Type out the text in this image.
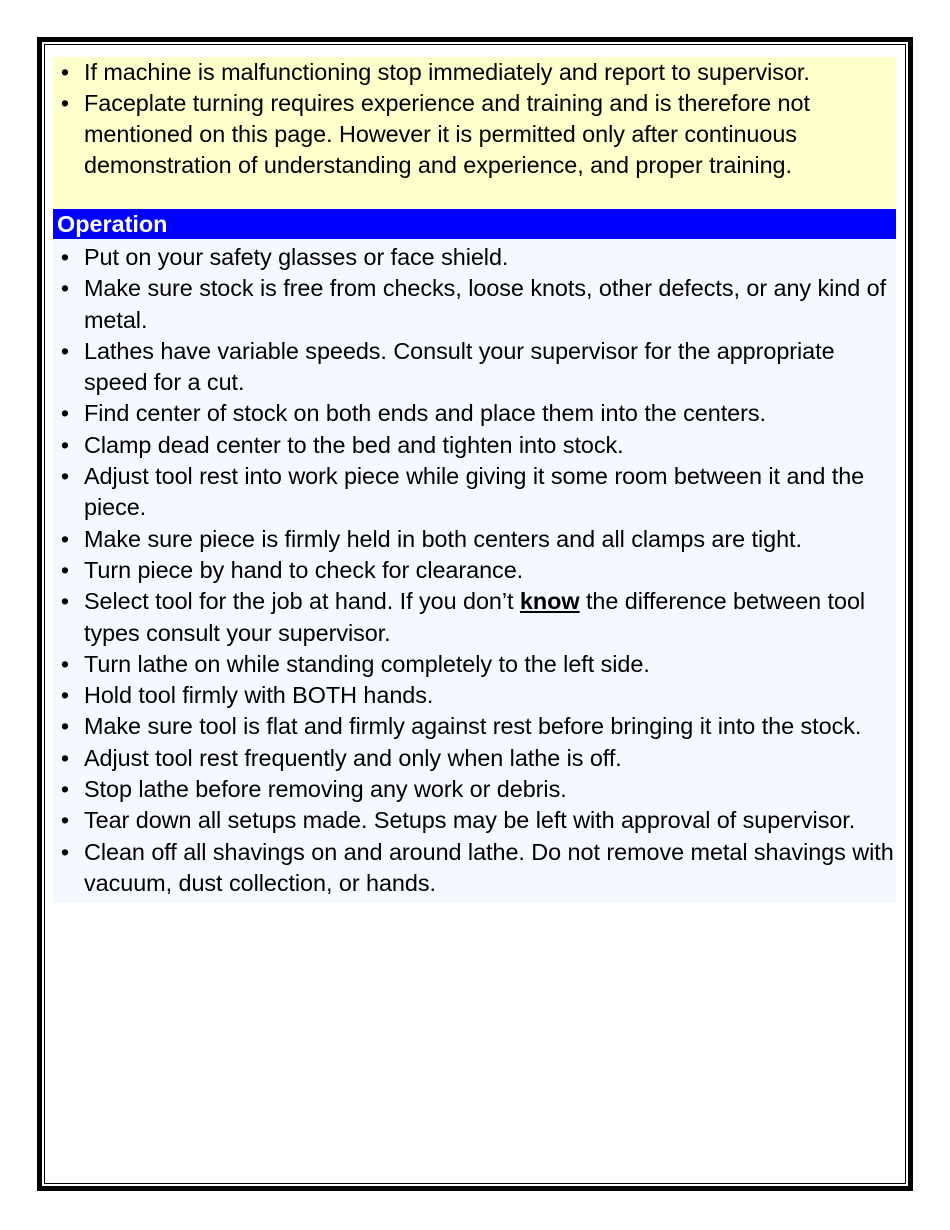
• If machine is malfunctioning stop immediately and report to supervisor.
• Faceplate turning requires experience and training and is therefore not mentioned on this page. However it is permitted only after continuous demonstration of understanding and experience, and proper training.
Operation
• Put on your safety glasses or face shield.
• Make sure stock is free from checks, loose knots, other defects, or any kind of metal.
• Lathes have variable speeds. Consult your supervisor for the appropriate speed for a cut.
• Find center of stock on both ends and place them into the centers.
• Clamp dead center to the bed and tighten into stock.
• Adjust tool rest into work piece while giving it some room between it and the piece.
• Make sure piece is firmly held in both centers and all clamps are tight.
• Turn piece by hand to check for clearance.
• Select tool for the job at hand. If you don’t know the difference between tool types consult your supervisor.
• Turn lathe on while standing completely to the left side.
• Hold tool firmly with BOTH hands.
• Make sure tool is flat and firmly against rest before bringing it into the stock.
• Adjust tool rest frequently and only when lathe is off.
• Stop lathe before removing any work or debris.
• Tear down all setups made. Setups may be left with approval of supervisor.
• Clean off all shavings on and around lathe. Do not remove metal shavings with vacuum, dust collection, or hands.
